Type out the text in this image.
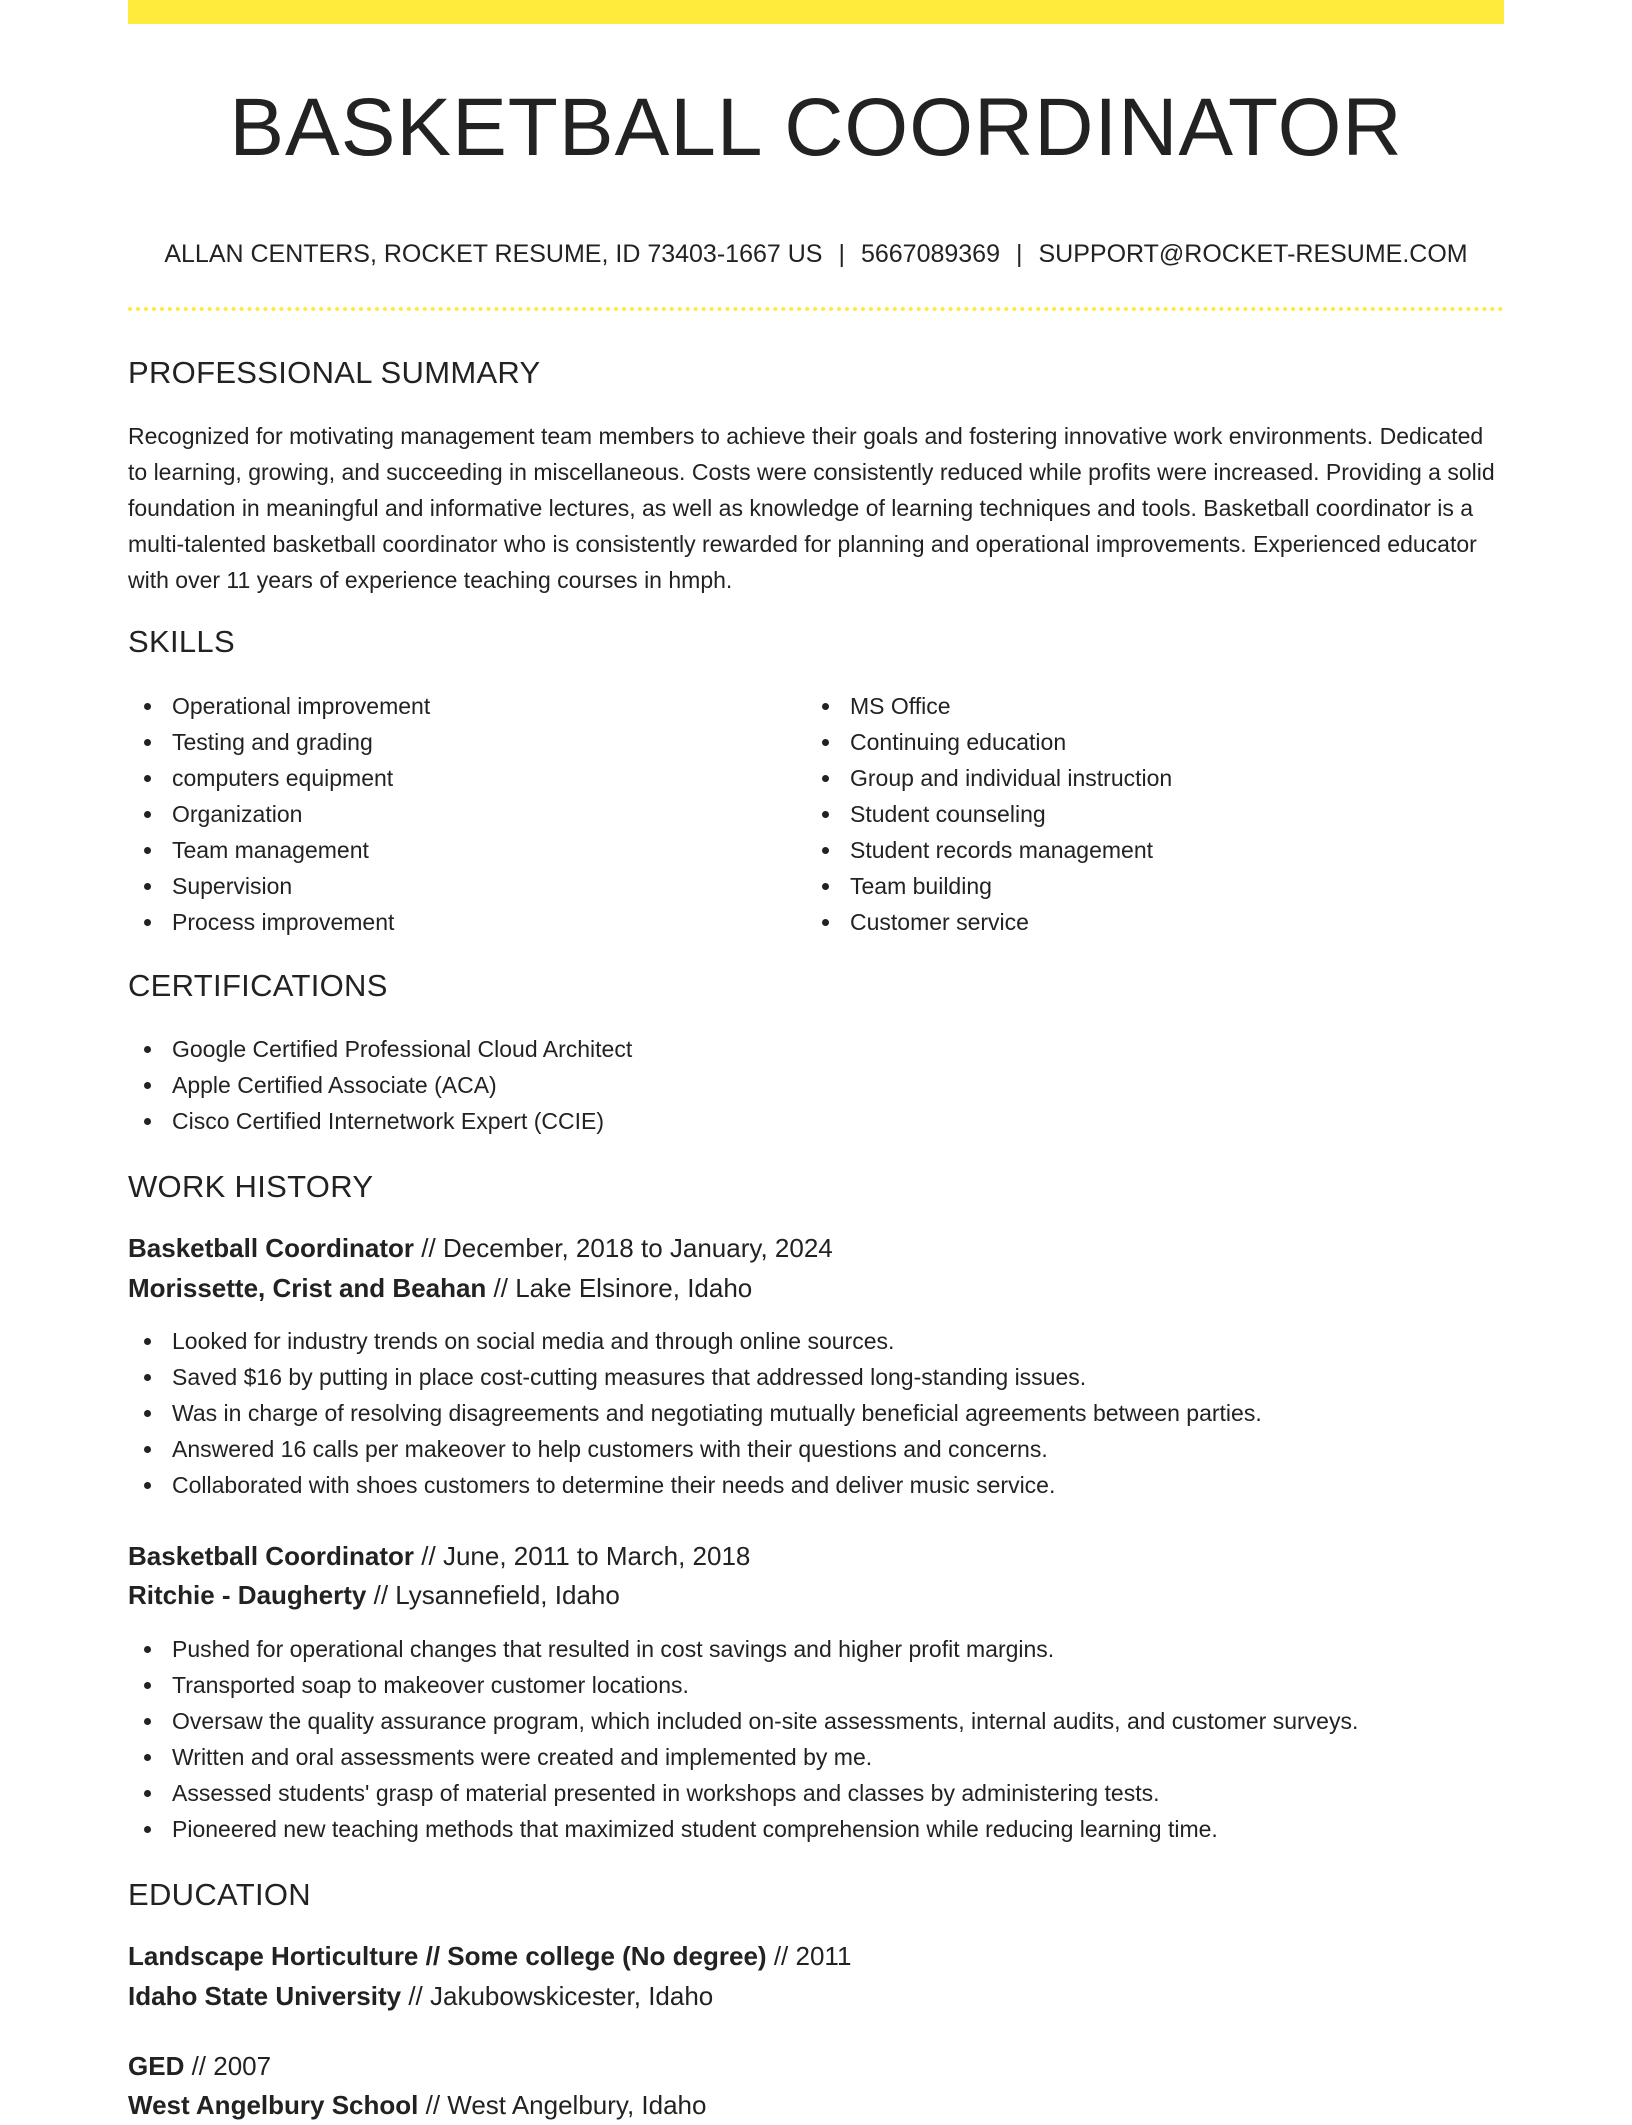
BASKETBALL COORDINATOR
ALLAN CENTERS, ROCKET RESUME, ID 73403-1667 US | 5667089369 | SUPPORT@ROCKET-RESUME.COM
PROFESSIONAL SUMMARY

Recognized for motivating management team members to achieve their goals and fostering innovative work environments. Dedicated to learning, growing, and succeeding in miscellaneous. Costs were consistently reduced while profits were increased. Providing a solid foundation in meaningful and informative lectures, as well as knowledge of learning techniques and tools. Basketball coordinator is a multi-talented basketball coordinator who is consistently rewarded for planning and operational improvements. Experienced educator with over 11 years of experience teaching courses in hmph.

SKILLS
Operational improvement
Testing and grading
computers equipment
Organization
Team management
Supervision
Process improvement
MS Office
Continuing education
Group and individual instruction
Student counseling
Student records management
Team building
Customer service
CERTIFICATIONS
Google Certified Professional Cloud Architect
Apple Certified Associate (ACA)
Cisco Certified Internetwork Expert (CCIE)
WORK HISTORY
Basketball Coordinator // December, 2018 to January, 2024
Morissette, Crist and Beahan // Lake Elsinore, Idaho
Looked for industry trends on social media and through online sources.
Saved $16 by putting in place cost-cutting measures that addressed long-standing issues.
Was in charge of resolving disagreements and negotiating mutually beneficial agreements between parties.
Answered 16 calls per makeover to help customers with their questions and concerns.
Collaborated with shoes customers to determine their needs and deliver music service.
Basketball Coordinator // June, 2011 to March, 2018
Ritchie - Daugherty // Lysannefield, Idaho
Pushed for operational changes that resulted in cost savings and higher profit margins.
Transported soap to makeover customer locations.
Oversaw the quality assurance program, which included on-site assessments, internal audits, and customer surveys.
Written and oral assessments were created and implemented by me.
Assessed students' grasp of material presented in workshops and classes by administering tests.
Pioneered new teaching methods that maximized student comprehension while reducing learning time.
EDUCATION
Landscape Horticulture // Some college (No degree) // 2011
Idaho State University // Jakubowskicester, Idaho
GED // 2007
West Angelbury School // West Angelbury, Idaho
